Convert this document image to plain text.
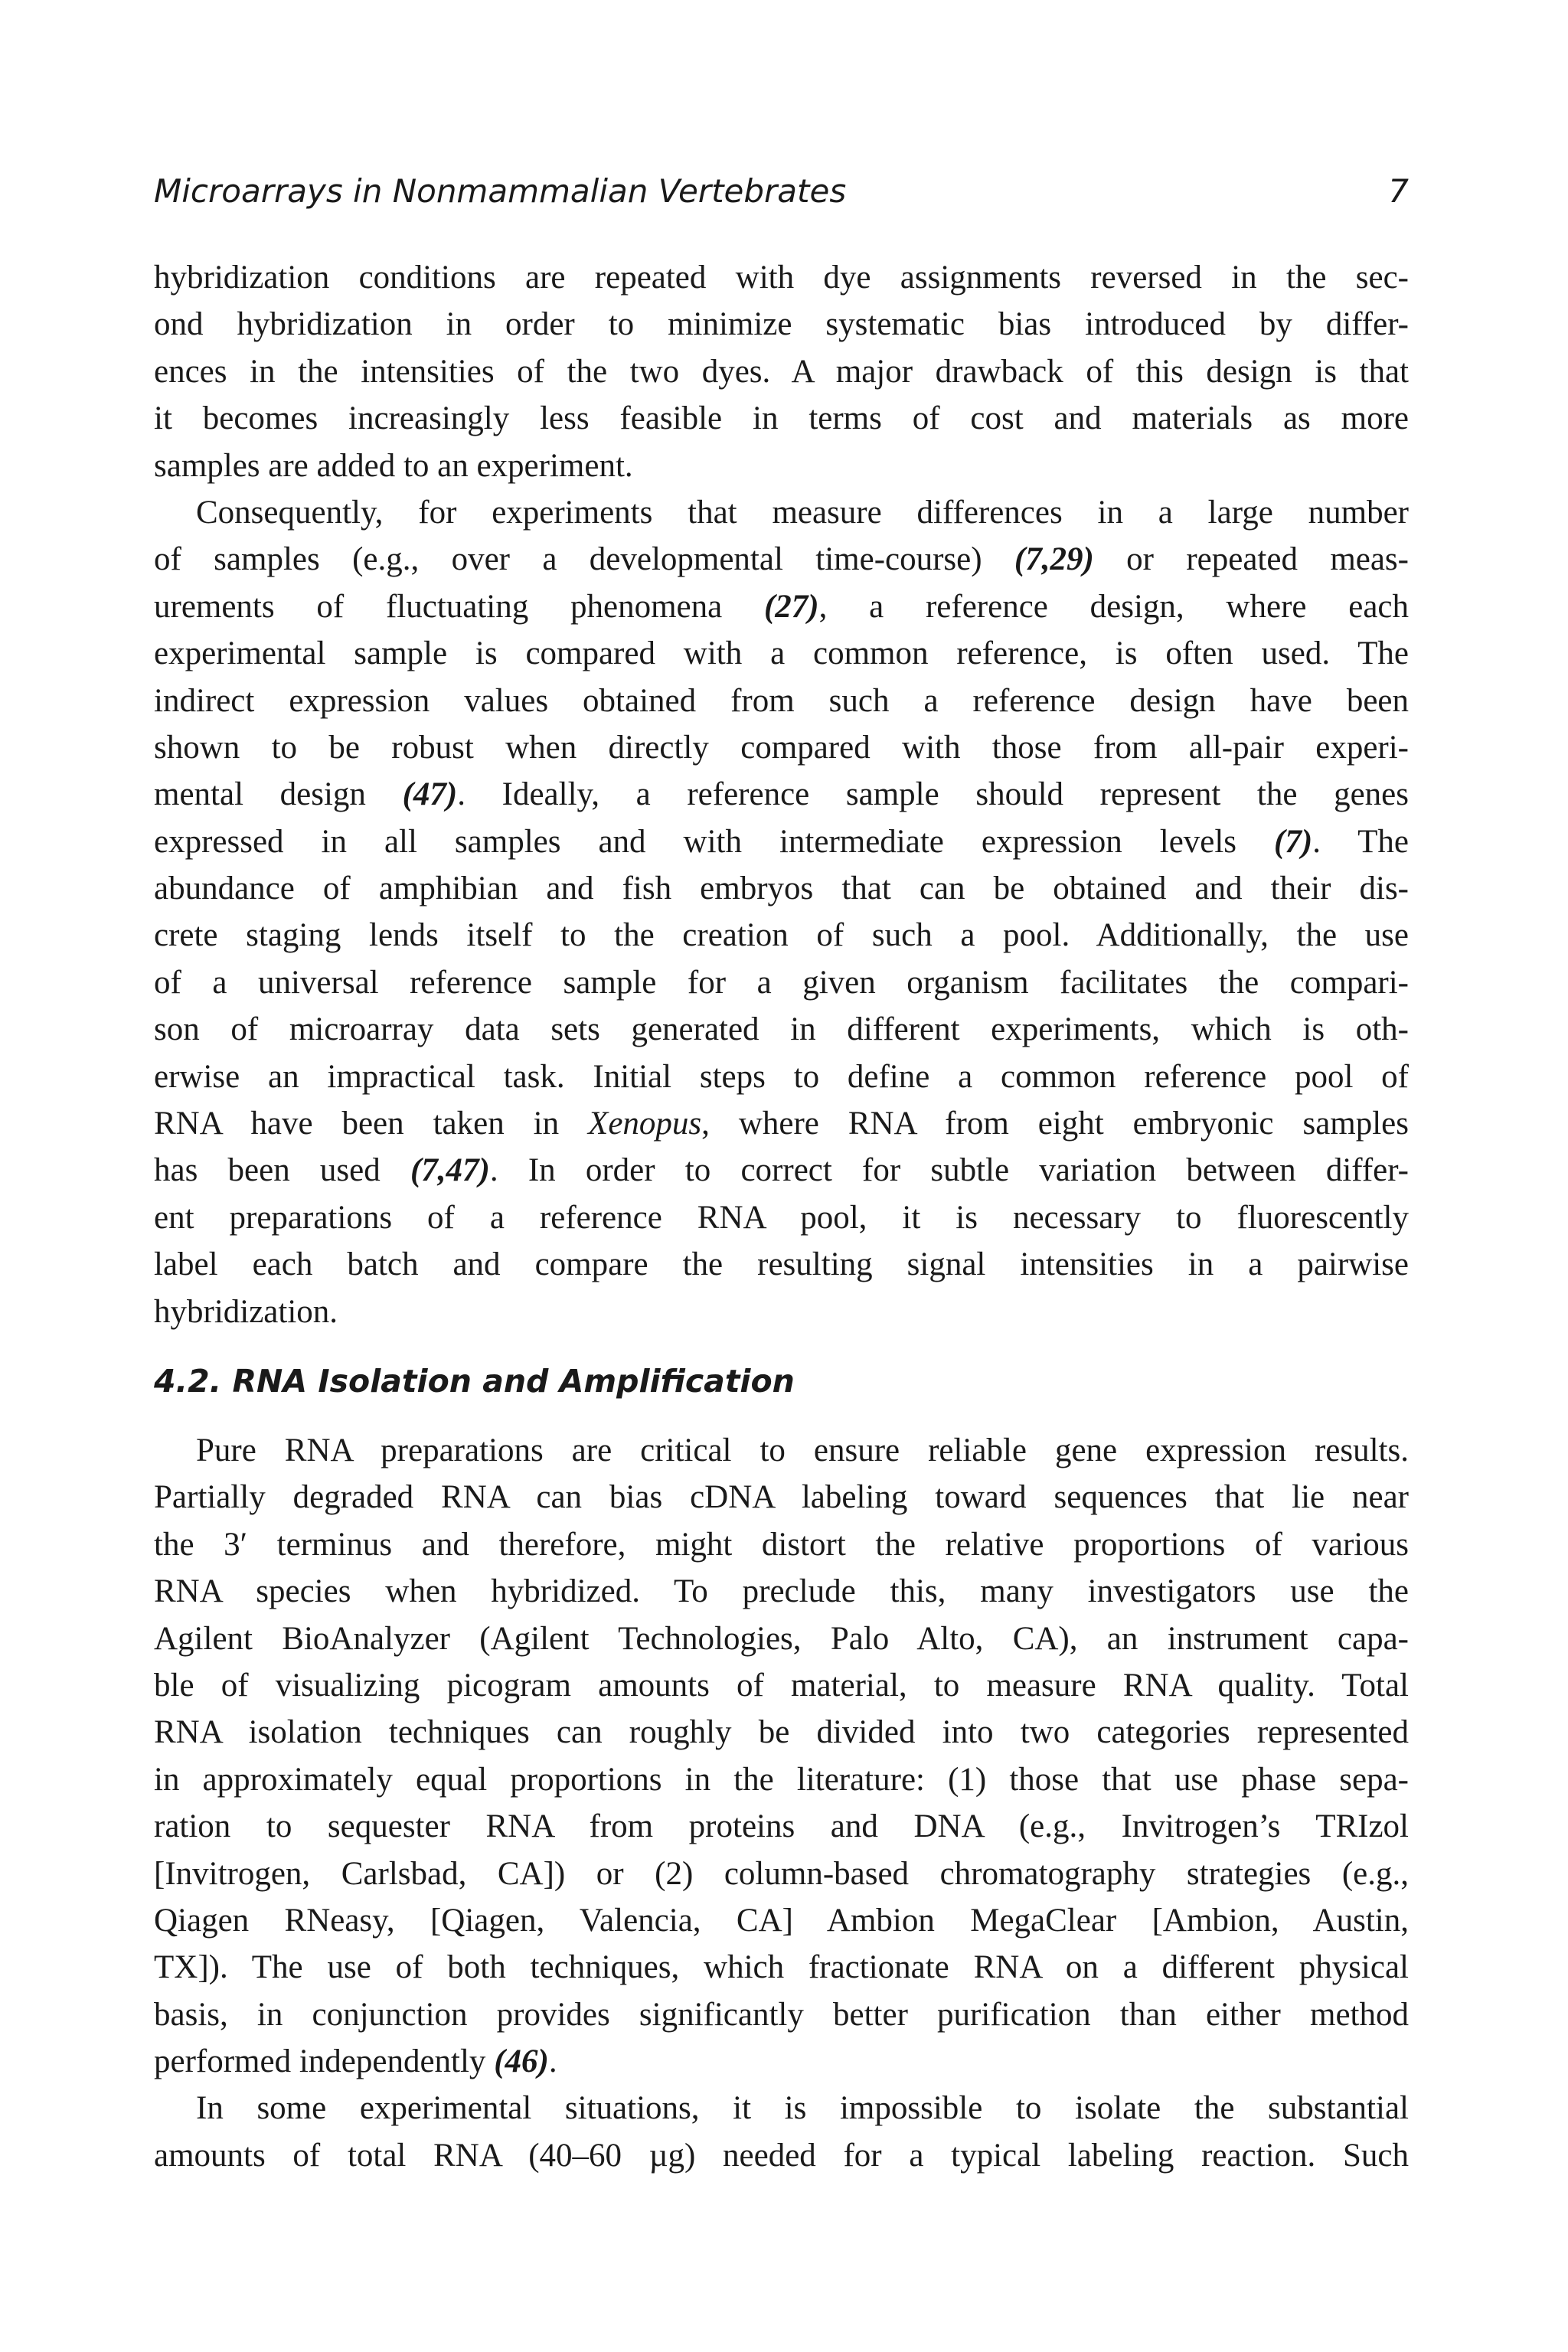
Microarrays in Nonmammalian Vertebrates	7
hybridization conditions are repeated with dye assignments reversed in the sec-
ond hybridization in order to minimize systematic bias introduced by differ-
ences in the intensities of the two dyes. A major drawback of this design is that
it becomes increasingly less feasible in terms of cost and materials as more
samples are added to an experiment.
Consequently, for experiments that measure differences in a large number
of samples (e.g., over a developmental time-course) (7,29) or repeated meas-
urements of fluctuating phenomena (27), a reference design, where each
experimental sample is compared with a common reference, is often used. The
indirect expression values obtained from such a reference design have been
shown to be robust when directly compared with those from all-pair experi-
mental design (47). Ideally, a reference sample should represent the genes
expressed in all samples and with intermediate expression levels (7). The
abundance of amphibian and fish embryos that can be obtained and their dis-
crete staging lends itself to the creation of such a pool. Additionally, the use
of a universal reference sample for a given organism facilitates the compari-
son of microarray data sets generated in different experiments, which is oth-
erwise an impractical task. Initial steps to define a common reference pool of
RNA have been taken in Xenopus, where RNA from eight embryonic samples
has been used (7,47). In order to correct for subtle variation between differ-
ent preparations of a reference RNA pool, it is necessary to fluorescently
label each batch and compare the resulting signal intensities in a pairwise
hybridization.
4.2. RNA Isolation and Amplification
Pure RNA preparations are critical to ensure reliable gene expression results.
Partially degraded RNA can bias cDNA labeling toward sequences that lie near
the 3′ terminus and therefore, might distort the relative proportions of various
RNA species when hybridized. To preclude this, many investigators use the
Agilent BioAnalyzer (Agilent Technologies, Palo Alto, CA), an instrument capa-
ble of visualizing picogram amounts of material, to measure RNA quality. Total
RNA isolation techniques can roughly be divided into two categories represented
in approximately equal proportions in the literature: (1) those that use phase sepa-
ration to sequester RNA from proteins and DNA (e.g., Invitrogen’s TRIzol
[Invitrogen, Carlsbad, CA]) or (2) column-based chromatography strategies (e.g.,
Qiagen RNeasy, [Qiagen, Valencia, CA] Ambion MegaClear [Ambion, Austin,
TX]). The use of both techniques, which fractionate RNA on a different physical
basis, in conjunction provides significantly better purification than either method
performed independently (46).
In some experimental situations, it is impossible to isolate the substantial
amounts of total RNA (40–60 µg) needed for a typical labeling reaction. Such
